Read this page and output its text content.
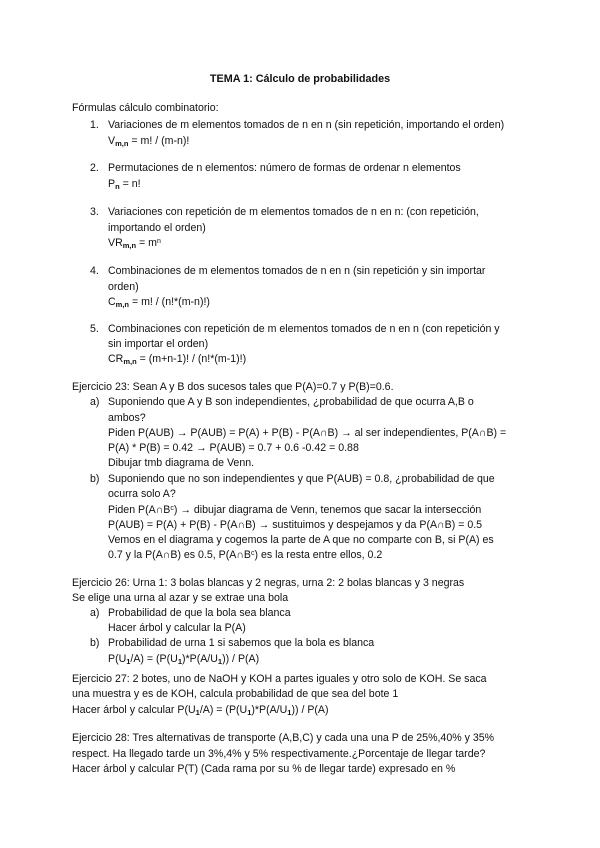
TEMA 1: Cálculo de probabilidades
Fórmulas cálculo combinatorio:
1. Variaciones de m elementos tomados de n en n (sin repetición, importando el orden)
$V_{m,n} = m$! / (m-n)!
2. Permutaciones de n elementos: número de formas de ordenar n elementos
$P_n = n$!
3. Variaciones con repetición de m elementos tomados de n en n: (con repetición,
importando el orden)
$VR_{m,n} = m^n$
4. Combinaciones de m elementos tomados de n en n (sin repetición y sin importar
orden)
$C_{m,n} = m$! / (n!*(m-n)!)
5. Combinaciones con repetición de m elementos tomados de n en n (con repetición y
sin importar el orden)
$CR_{m,n} = (m+n-1)$! / (n!*(m-1)!)
Ejercicio 23: Sean A y B dos sucesos tales que P(A)=0.7 y P(B)=0.6.
a) Suponiendo que A y B son independientes, ¿probabilidad de que ocurra A,B o
ambos?
Piden P(AUB) → P(AUB) = P(A) + P(B) - P(A∩B) → al ser independientes, P(A∩B) =
P(A) * P(B) = 0.42 → P(AUB) = 0.7 + 0.6 -0.42 = 0.88
Dibujar tmb diagrama de Venn.
b) Suponiendo que no son independientes y que P(AUB) = 0.8, ¿probabilidad de que
ocurra solo A?
Piden $P(A\cap B^c)$ → dibujar diagrama de Venn, tenemos que sacar la intersección
P(AUB) = P(A) + P(B) - P(A∩B) → sustituimos y despejamos y da P(A∩B) = 0.5
Vemos en el diagrama y cogemos la parte de A que no comparte con B, si P(A) es
0.7 y la P(A∩B) es 0.5, $P(A\cap B^c)$ es la resta entre ellos, 0.2
Ejercicio 26: Urna 1: 3 bolas blancas y 2 negras, urna 2: 2 bolas blancas y 3 negras
Se elige una urna al azar y se extrae una bola
a) Probabilidad de que la bola sea blanca
Hacer árbol y calcular la P(A)
b) Probabilidad de urna 1 si sabemos que la bola es blanca
$P(U_1/A) = (P(U_1)*P(A/U_1)) / P(A)$
Ejercicio 27: 2 botes, uno de NaOH y KOH a partes iguales y otro solo de KOH. Se saca
una muestra y es de KOH, calcula probabilidad de que sea del bote 1
Hacer árbol y calcular $P(U_1/A) = (P(U_1)*P(A/U_1)) / P(A)$
Ejercicio 28: Tres alternativas de transporte (A,B,C) y cada una una P de 25%,40% y 35%
respect. Ha llegado tarde un 3%,4% y 5% respectivamente.¿Porcentaje de llegar tarde?
Hacer árbol y calcular P(T) (Cada rama por su % de llegar tarde) expresado en %
